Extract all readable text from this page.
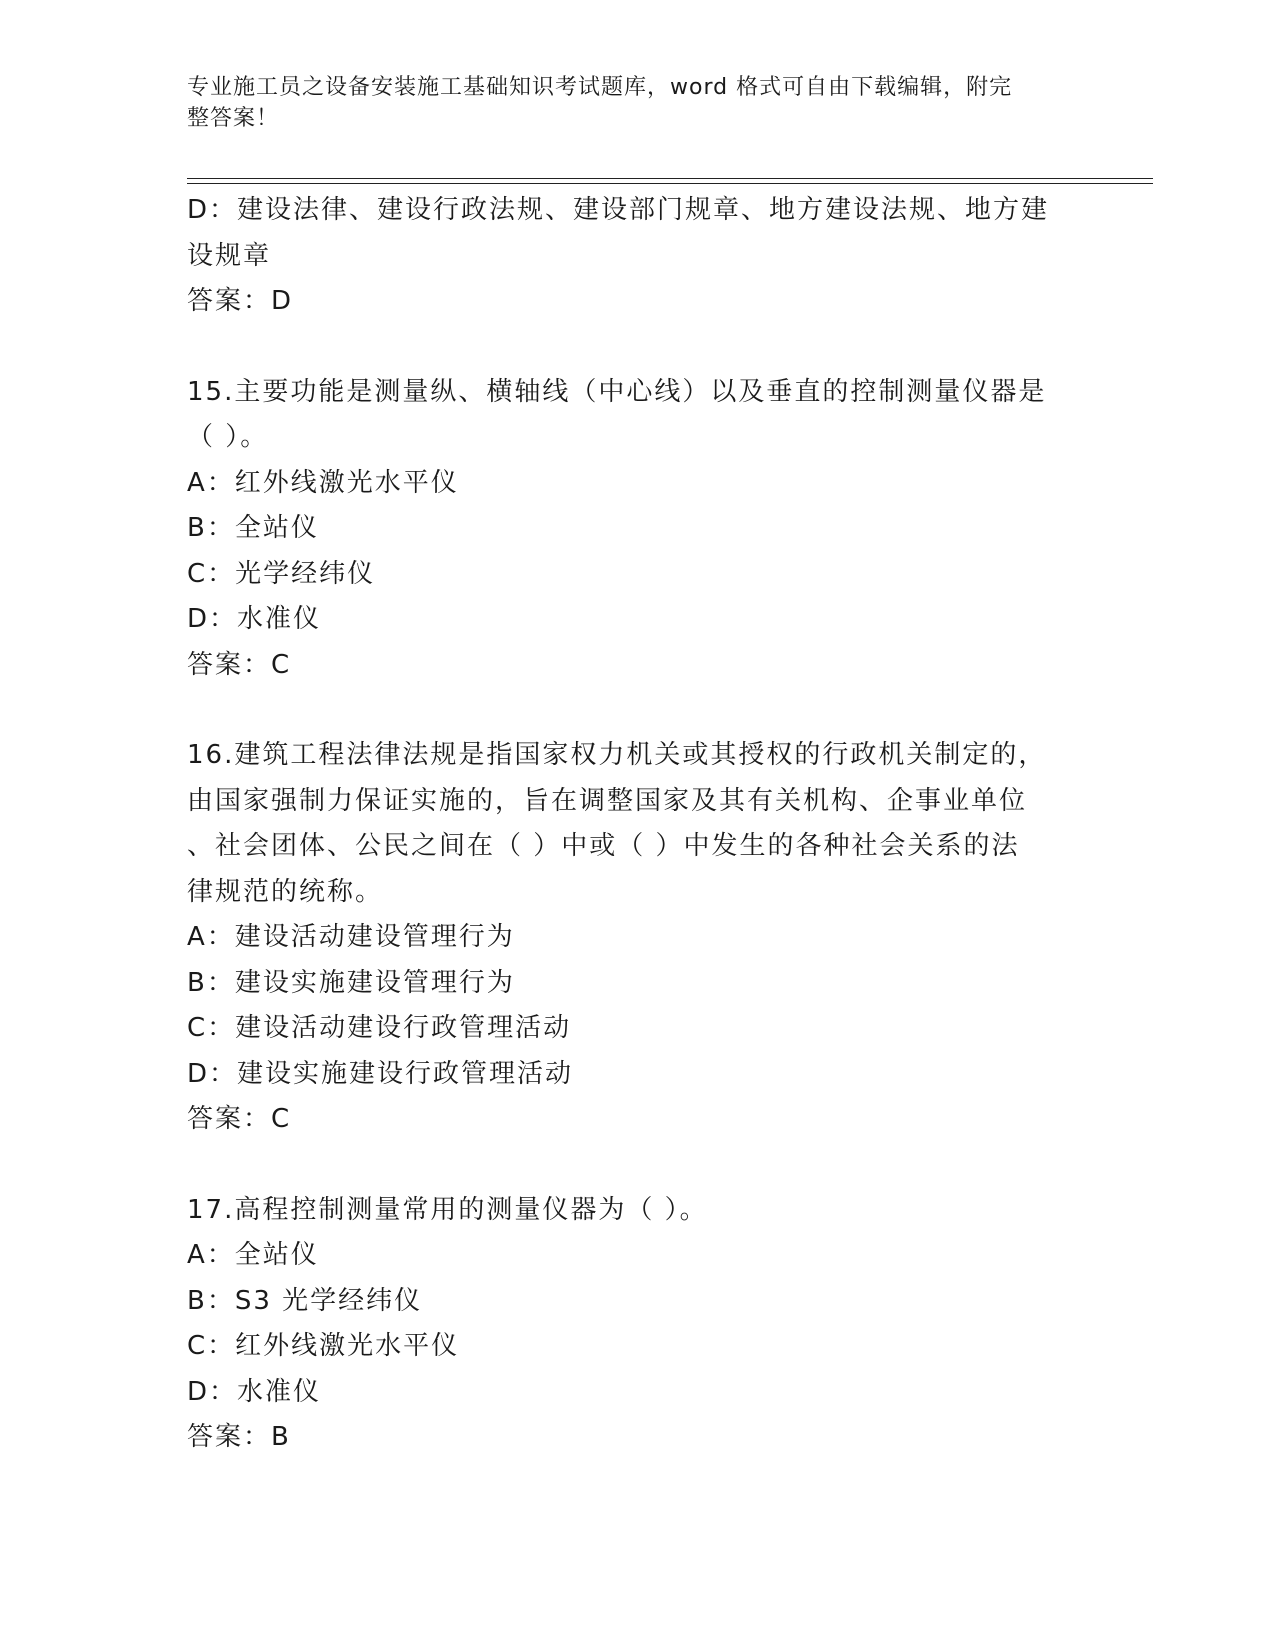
专业施工员之设备安装施工基础知识考试题库，word 格式可自由下载编辑，附完
整答案！
D：建设法律、建设行政法规、建设部门规章、地方建设法规、地方建
设规章
答案：D
15.主要功能是测量纵、横轴线（中心线）以及垂直的控制测量仪器是
（ ）。
A：红外线激光水平仪
B：全站仪
C：光学经纬仪
D：水准仪
答案：C
16.建筑工程法律法规是指国家权力机关或其授权的行政机关制定的，
由国家强制力保证实施的，旨在调整国家及其有关机构、企事业单位
、社会团体、公民之间在（ ）中或（ ）中发生的各种社会关系的法
律规范的统称。
A：建设活动建设管理行为
B：建设实施建设管理行为
C：建设活动建设行政管理活动
D：建设实施建设行政管理活动
答案：C
17.高程控制测量常用的测量仪器为（ ）。
A：全站仪
B：S3 光学经纬仪
C：红外线激光水平仪
D：水准仪
答案：B
